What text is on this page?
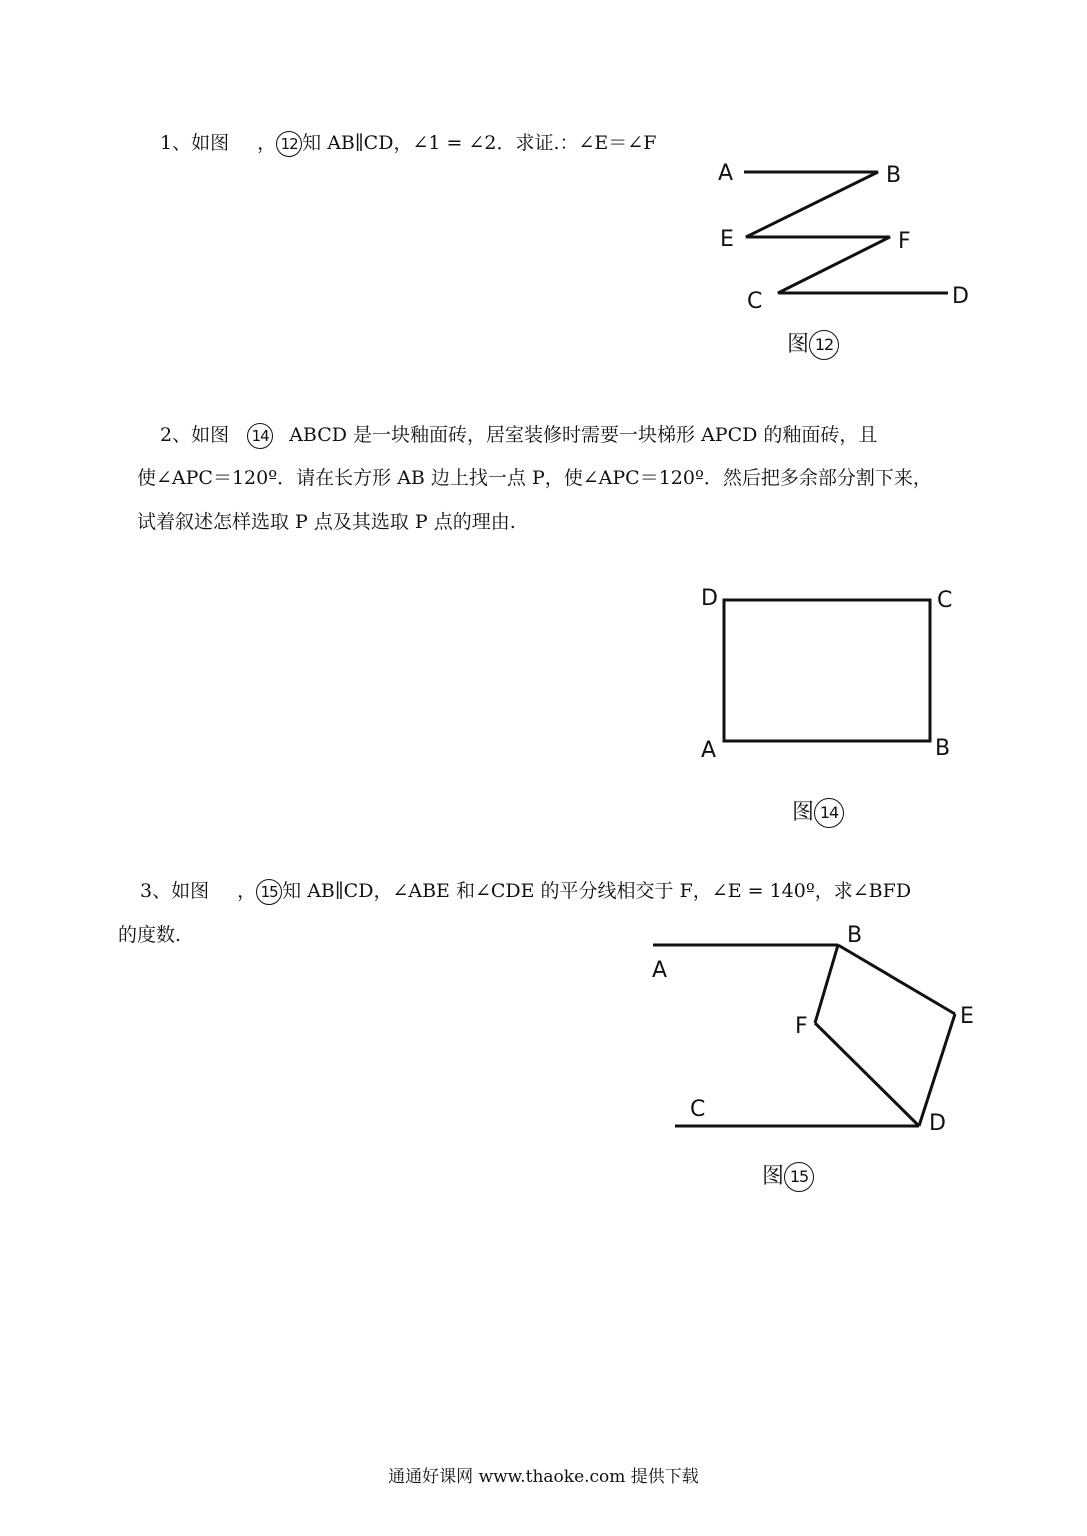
1、如图 ， 12 知 AB∥CD，∠1 = ∠2．求证.：∠E＝∠F
A	B
E	F
C	D
图 12
2、如图 14 ABCD 是一块釉面砖，居室装修时需要一块梯形 APCD 的釉面砖，且
使∠APC＝120º．请在长方形 AB 边上找一点 P，使∠APC＝120º．然后把多余部分割下来，
试着叙述怎样选取 P 点及其选取 P 点的理由.
D	C
A	B
图 14
3、如图 ， 15 知 AB∥CD，∠ABE 和∠CDE 的平分线相交于 F，∠E = 140º，求∠BFD
的度数.
A
B
E
F
C
D
图 15
通通好课网 www.thaoke.com 提供下载
